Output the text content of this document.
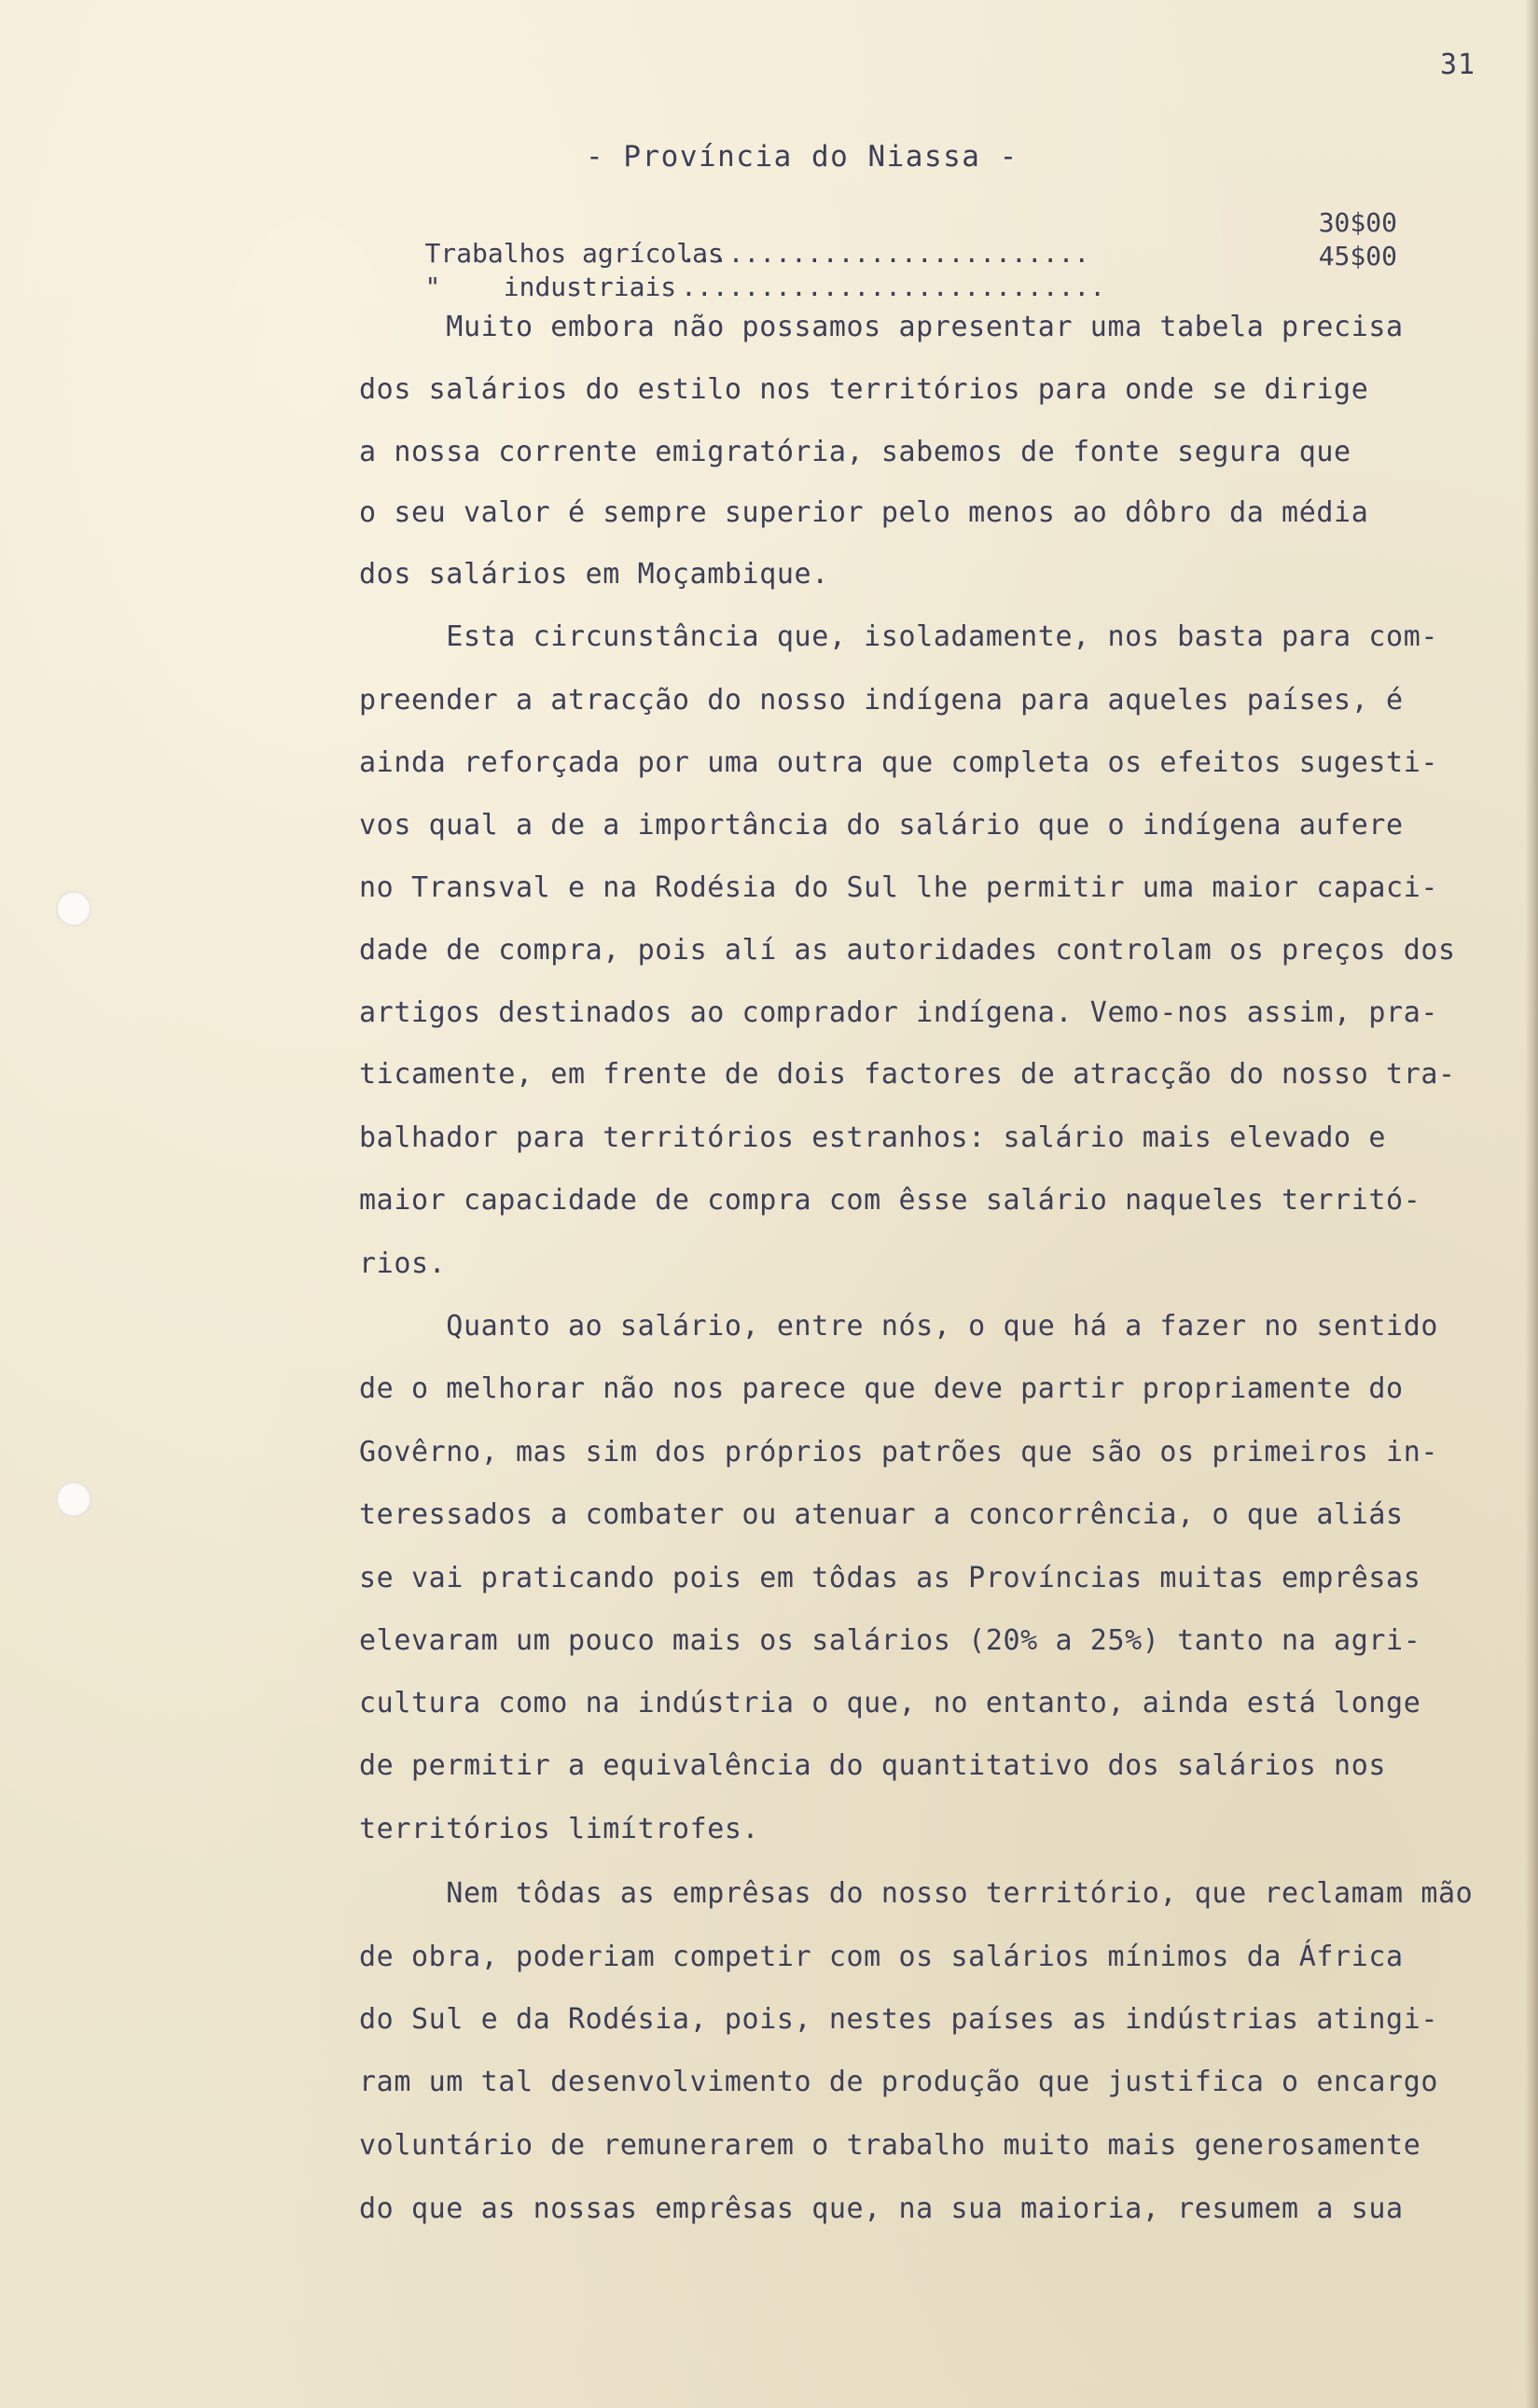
31
- Província do Niassa -

Trabalhos agrícolas
..........................

30$00

"    industriais ...........................

45$00

Muito embora não possamos apresentar uma tabela precisa
dos salários do estilo nos territórios para onde se dirige
a nossa corrente emigratória, sabemos de fonte segura que
o seu valor é sempre superior pelo menos ao dôbro da média
dos salários em Moçambique.
Esta circunstância que, isoladamente, nos basta para com-
preender a atracção do nosso indígena para aqueles países, é
ainda reforçada por uma outra que completa os efeitos sugesti-
vos qual a de a importância do salário que o indígena aufere
no Transval e na Rodésia do Sul lhe permitir uma maior capaci-
dade de compra, pois alí as autoridades controlam os preços dos
artigos destinados ao comprador indígena. Vemo-nos assim, pra-
ticamente, em frente de dois factores de atracção do nosso tra-
balhador para territórios estranhos: salário mais elevado e
maior capacidade de compra com êsse salário naqueles territó-
rios.
Quanto ao salário, entre nós, o que há a fazer no sentido
de o melhorar não nos parece que deve partir propriamente do
Govêrno, mas sim dos próprios patrões que são os primeiros in-
teressados a combater ou atenuar a concorrência, o que aliás
se vai praticando pois em tôdas as Províncias muitas emprêsas
elevaram um pouco mais os salários (20% a 25%) tanto na agri-
cultura como na indústria o que, no entanto, ainda está longe
de permitir a equivalência do quantitativo dos salários nos
territórios limítrofes.
Nem tôdas as emprêsas do nosso território, que reclamam mão
de obra, poderiam competir com os salários mínimos da África
do Sul e da Rodésia, pois, nestes países as indústrias atingi-
ram um tal desenvolvimento de produção que justifica o encargo
voluntário de remunerarem o trabalho muito mais generosamente
do que as nossas emprêsas que, na sua maioria, resumem a sua
